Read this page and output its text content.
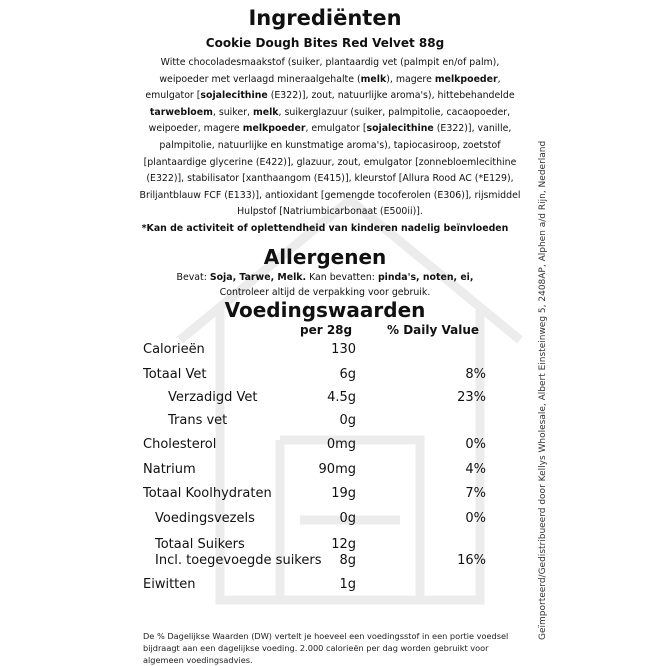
Ingrediënten
Cookie Dough Bites Red Velvet 88g
Witte chocoladesmaakstof (suiker, plantaardig vet (palmpit en/of palm), weipoeder met verlaagd mineraalgehalte (melk), magere melkpoeder, emulgator [sojalecithine (E322)], zout, natuurlijke aroma's), hittebehandelde tarwebloem, suiker, melk, suikerglazuur (suiker, palmpitolie, cacaopoeder, weipoeder, magere melkpoeder, emulgator [sojalecithine (E322)], vanille, palmpitolie, natuurlijke en kunstmatige aroma's), tapiocasiroop, zoetstof [plantaardige glycerine (E422)], glazuur, zout, emulgator [zonnebloemlecithine (E322)], stabilisator [xanthaangom (E415)], kleurstof [Allura Rood AC (*E129), Briljantblauw FCF (E133)], antioxidant [gemengde tocoferolen (E306)], rijsmiddel Hulpstof [Natriumbicarbonaat (E500ii)].
*Kan de activiteit of oplettendheid van kinderen nadelig beïnvloeden
Allergenen
Bevat: Soja, Tarwe, Melk. Kan bevatten: pinda's, noten, ei,
Controleer altijd de verpakking voor gebruik.
Voedingswaarden
per 28g	% Daily Value
Calorieën	130
Totaal Vet	6g	8%
Verzadigd Vet	4.5g	23%
Trans vet	0g
Cholesterol	0mg	0%
Natrium	90mg	4%
Totaal Koolhydraten	19g	7%
Voedingsvezels	0g	0%
Totaal Suikers	12g
Incl. toegevoegde suikers	8g	16%
Eiwitten	1g
De % Dagelijkse Waarden (DW) vertelt je hoeveel een voedingsstof in een portie voedsel bijdraagt aan een dagelijkse voeding. 2.000 calorieën per dag worden gebruikt voor algemeen voedingsadvies.
Geïmporteerd/Gedistribueerd door Kellys Wholesale, Albert Einsteinweg 5, 2408AP, Alphen a/d Rijn, Nederland
